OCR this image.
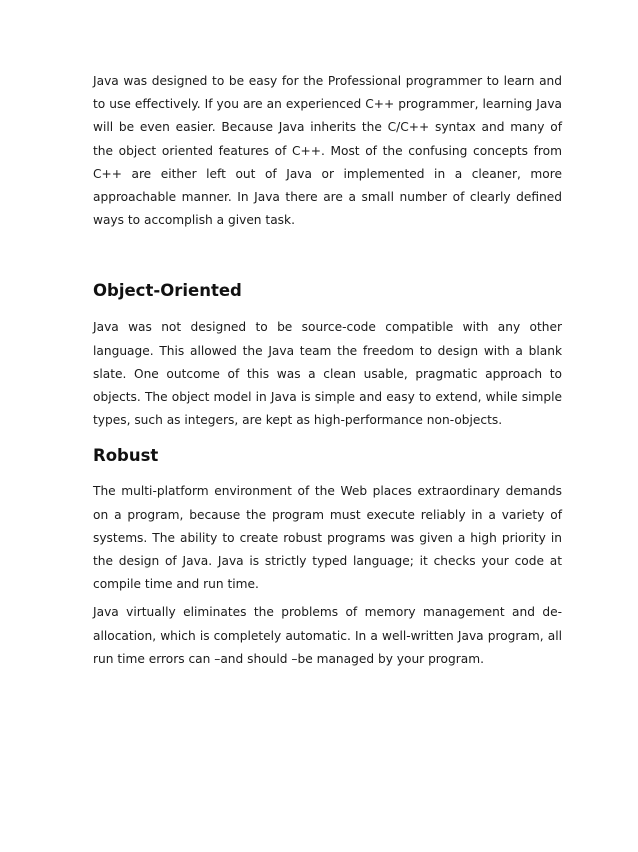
Java was designed to be easy for the Professional programmer to learn and to use effectively. If you are an experienced C++ programmer, learning Java will be even easier. Because Java inherits the C/C++ syntax and many of the object oriented features of C++. Most of the confusing concepts from C++ are either left out of Java or implemented in a cleaner, more approachable manner. In Java there are a small number of clearly defined ways to accomplish a given task.

Object-Oriented

Java was not designed to be source-code compatible with any other language. This allowed the Java team the freedom to design with a blank slate. One outcome of this was a clean usable, pragmatic approach to objects. The object model in Java is simple and easy to extend, while simple types, such as integers, are kept as high-performance non-objects.

Robust

The multi-platform environment of the Web places extraordinary demands on a program, because the program must execute reliably in a variety of systems. The ability to create robust programs was given a high priority in the design of Java. Java is strictly typed language; it checks your code at compile time and run time.

Java virtually eliminates the problems of memory management and de-allocation, which is completely automatic. In a well-written Java program, all run time errors can –and should –be managed by your program.
